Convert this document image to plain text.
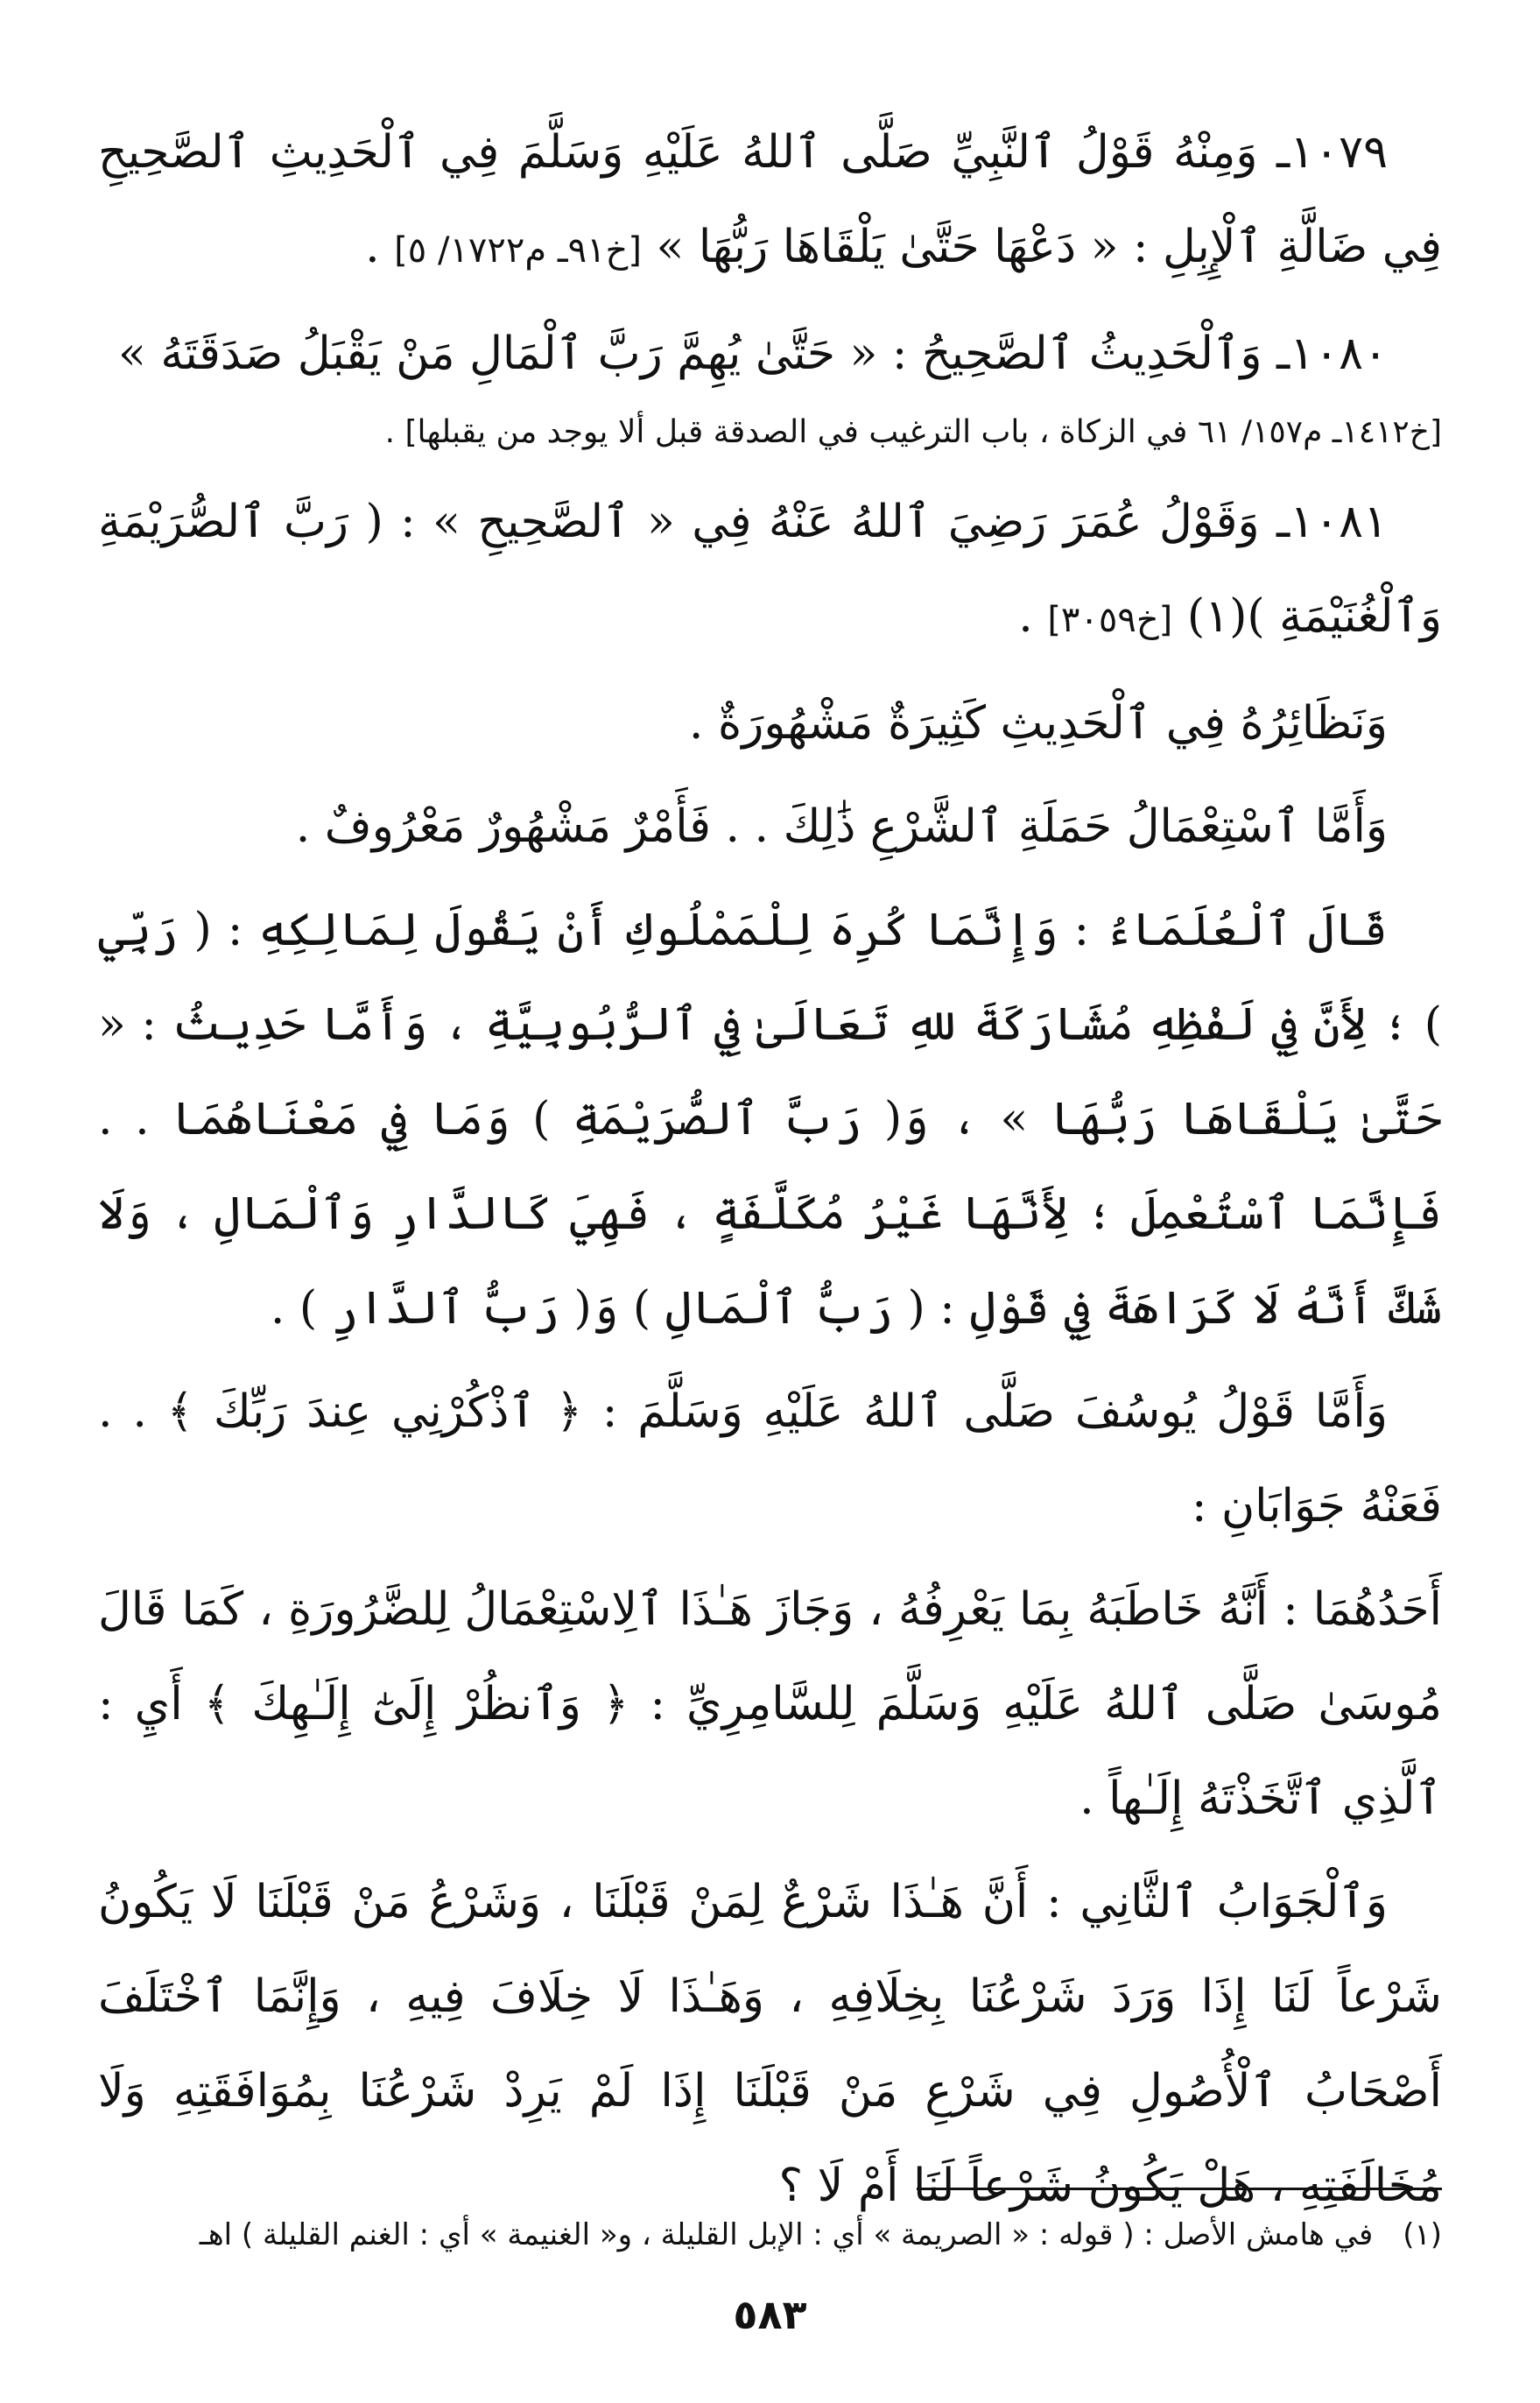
١٠٧٩ـ وَمِنْهُ قَوْلُ ٱلنَّبِيِّ صَلَّى ٱللهُ عَلَيْهِ وَسَلَّمَ فِي ٱلْحَدِيثِ ٱلصَّحِيحِ فِي ضَالَّةِ ٱلْإِبِلِ : « دَعْهَا حَتَّىٰ يَلْقَاهَا رَبُّهَا » [خ٩١ـ م١٧٢٢/ ٥] .

١٠٨٠ـ وَٱلْحَدِيثُ ٱلصَّحِيحُ : « حَتَّىٰ يُهِمَّ رَبَّ ٱلْمَالِ مَنْ يَقْبَلُ صَدَقَتَهُ »

[خ١٤١٢ـ م١٥٧/ ٦١ في الزكاة ، باب الترغيب في الصدقة قبل ألا يوجد من يقبلها] .

١٠٨١ـ وَقَوْلُ عُمَرَ رَضِيَ ٱللهُ عَنْهُ فِي « ٱلصَّحِيحِ » : ( رَبَّ ٱلصُّرَيْمَةِ وَٱلْغُنَيْمَةِ )(١) [خ٣٠٥٩] .

وَنَظَائِرُهُ فِي ٱلْحَدِيثِ كَثِيرَةٌ مَشْهُورَةٌ .

وَأَمَّا ٱسْتِعْمَالُ حَمَلَةِ ٱلشَّرْعِ ذَٰلِكَ . . فَأَمْرٌ مَشْهُورٌ مَعْرُوفٌ .

قَالَ ٱلْعُلَمَاءُ : وَإِنَّمَا كُرِهَ لِلْمَمْلُوكِ أَنْ يَقُولَ لِمَالِكِهِ : ( رَبِّي ) ؛ لِأَنَّ فِي لَفْظِهِ مُشَارَكَةَ للهِ تَعَالَىٰ فِي ٱلرُّبُوبِيَّةِ ، وَأَمَّا حَدِيثُ : « حَتَّىٰ يَلْقَاهَا رَبُّهَا » ، وَ( رَبَّ ٱلصُّرَيْمَةِ ) وَمَا فِي مَعْنَاهُمَا . . فَإِنَّمَا ٱسْتُعْمِلَ ؛ لِأَنَّهَا غَيْرُ مُكَلَّفَةٍ ، فَهِيَ كَالدَّارِ وَٱلْمَالِ ، وَلَا شَكَّ أَنَّهُ لَا كَرَاهَةَ فِي قَوْلِ : ( رَبُّ ٱلْمَالِ ) وَ( رَبُّ ٱلدَّارِ ) .

وَأَمَّا قَوْلُ يُوسُفَ صَلَّى ٱللهُ عَلَيْهِ وَسَلَّمَ : ﴿ ٱذْكُرْنِي عِندَ رَبِّكَ ﴾ . . فَعَنْهُ جَوَابَانِ :

أَحَدُهُمَا : أَنَّهُ خَاطَبَهُ بِمَا يَعْرِفُهُ ، وَجَازَ هَـٰذَا ٱلِاسْتِعْمَالُ لِلضَّرُورَةِ ، كَمَا قَالَ مُوسَىٰ صَلَّى ٱللهُ عَلَيْهِ وَسَلَّمَ لِلسَّامِرِيِّ : ﴿ وَٱنظُرْ إِلَىٰٓ إِلَـٰهِكَ ﴾ أَيِ : ٱلَّذِي ٱتَّخَذْتَهُ إِلَـٰهاً .

وَٱلْجَوَابُ ٱلثَّانِي : أَنَّ هَـٰذَا شَرْعٌ لِمَنْ قَبْلَنَا ، وَشَرْعُ مَنْ قَبْلَنَا لَا يَكُونُ شَرْعاً لَنَا إِذَا وَرَدَ شَرْعُنَا بِخِلَافِهِ ، وَهَـٰذَا لَا خِلَافَ فِيهِ ، وَإِنَّمَا ٱخْتَلَفَ أَصْحَابُ ٱلْأُصُولِ فِي شَرْعِ مَنْ قَبْلَنَا إِذَا لَمْ يَرِدْ شَرْعُنَا بِمُوَافَقَتِهِ وَلَا مُخَالَفَتِهِ ، هَلْ يَكُونُ شَرْعاً لَنَا أَمْ لَا ؟

(١)في هامش الأصل : ( قوله : « الصريمة » أي : الإبل القليلة ، و« الغنيمة » أي : الغنم القليلة ) اهـ
٥٨٣
